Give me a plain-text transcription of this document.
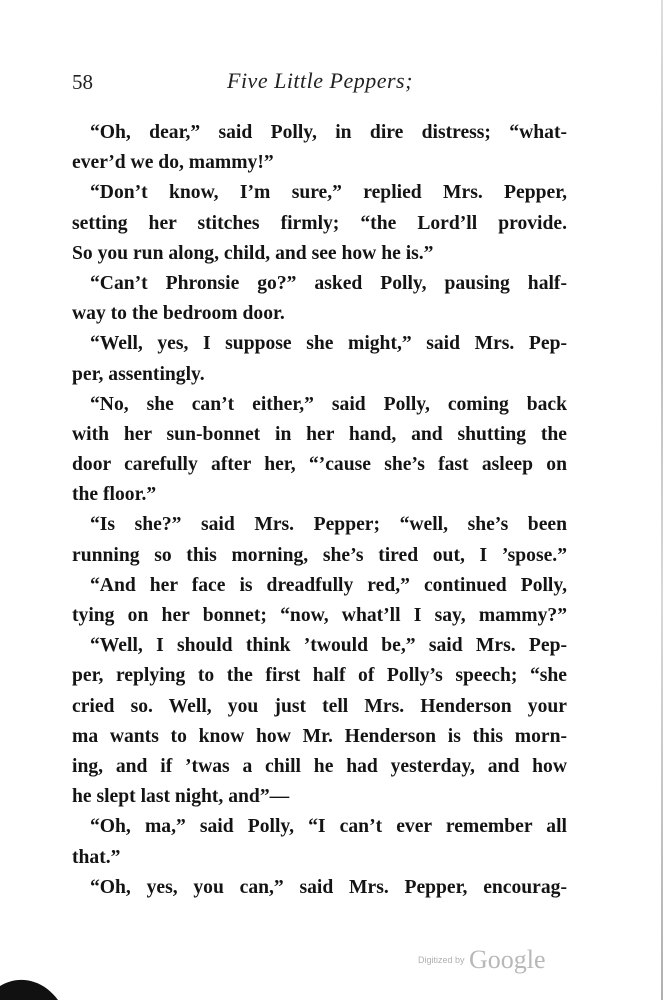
58	Five Little Peppers;
“Oh, dear,” said Polly, in dire distress; “what-
ever’d we do, mammy!”
“Don’t know, I’m sure,” replied Mrs. Pepper,
setting her stitches firmly; “the Lord’ll provide.
So you run along, child, and see how he is.”
“Can’t Phronsie go?” asked Polly, pausing half-
way to the bedroom door.
“Well, yes, I suppose she might,” said Mrs. Pep-
per, assentingly.
“No, she can’t either,” said Polly, coming back
with her sun-bonnet in her hand, and shutting the
door carefully after her, “’cause she’s fast asleep on
the floor.”
“Is she?” said Mrs. Pepper; “well, she’s been
running so this morning, she’s tired out, I ’spose.”
“And her face is dreadfully red,” continued Polly,
tying on her bonnet; “now, what’ll I say, mammy?”
“Well, I should think ’twould be,” said Mrs. Pep-
per, replying to the first half of Polly’s speech; “she
cried so. Well, you just tell Mrs. Henderson your
ma wants to know how Mr. Henderson is this morn-
ing, and if ’twas a chill he had yesterday, and how
he slept last night, and”—
“Oh, ma,” said Polly, “I can’t ever remember all
that.”
“Oh, yes, you can,” said Mrs. Pepper, encourag-
Digitized by Google
